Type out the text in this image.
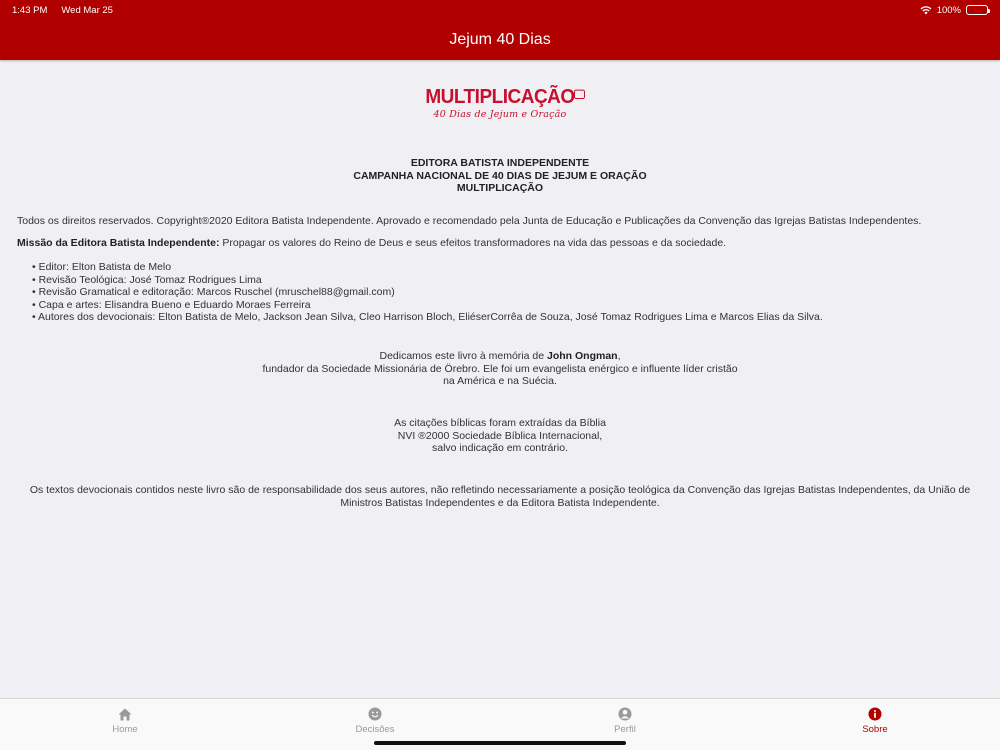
1:43 PM Wed Mar 25	100%
Jejum 40 Dias
MULTIPLICAÇÃO
40 Dias de Jejum e Oração
EDITORA BATISTA INDEPENDENTE
CAMPANHA NACIONAL DE 40 DIAS DE JEJUM E ORAÇÃO
MULTIPLICAÇÃO

Todos os direitos reservados. Copyright®2020 Editora Batista Independente. Aprovado e recomendado pela Junta de Educação e Publicações da Convenção das Igrejas Batistas Independentes.

Missão da Editora Batista Independente: Propagar os valores do Reino de Deus e seus efeitos transformadores na vida das pessoas e da sociedade.

• Editor: Elton Batista de Melo
• Revisão Teológica: José Tomaz Rodrigues Lima
• Revisão Gramatical e editoração: Marcos Ruschel (mruschel88@gmail.com)
• Capa e artes: Elisandra Bueno e Eduardo Moraes Ferreira
• Autores dos devocionais: Elton Batista de Melo, Jackson Jean Silva, Cleo Harrison Bloch, EliéserCorrêa de Souza, José Tomaz Rodrigues Lima e Marcos Elias da Silva.
Dedicamos este livro à memória de John Ongman,
fundador da Sociedade Missionária de Örebro. Ele foi um evangelista enérgico e influente líder cristão
na América e na Suécia.
As citações bíblicas foram extraídas da Bíblia
NVI ®2000 Sociedade Bíblica Internacional,
salvo indicação em contrário.

Os textos devocionais contidos neste livro são de responsabilidade dos seus autores, não refletindo necessariamente a posição teológica da Convenção das Igrejas Batistas Independentes, da União de Ministros Batistas Independentes e da Editora Batista Independente.

Home	Decisões	Perfil	Sobre
